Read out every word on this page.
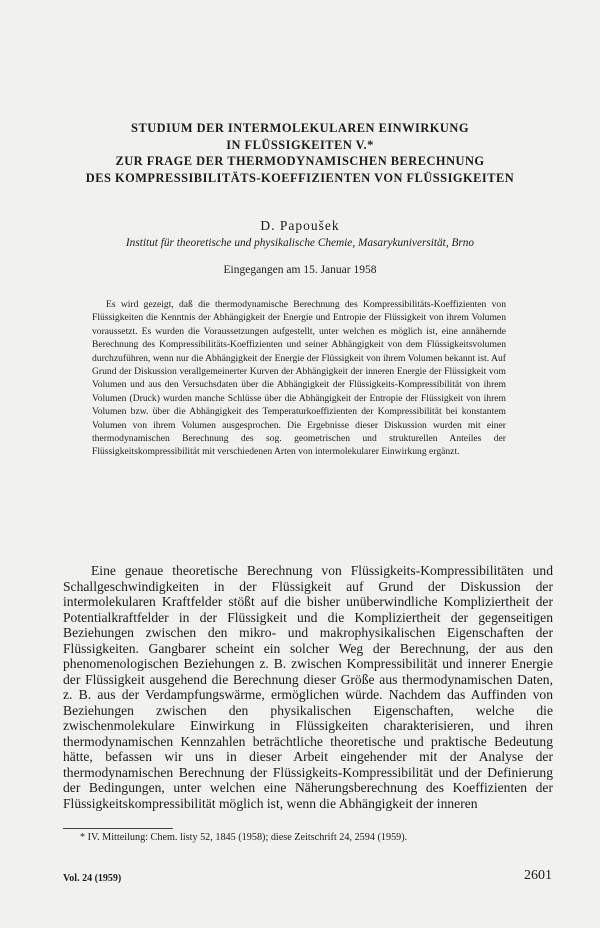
STUDIUM DER INTERMOLEKULAREN EINWIRKUNG
IN FLÜSSIGKEITEN V.*
ZUR FRAGE DER THERMODYNAMISCHEN BERECHNUNG
DES KOMPRESSIBILITÄTS-KOEFFIZIENTEN VON FLÜSSIGKEITEN
D. Papoušek
Institut für theoretische und physikalische Chemie, Masarykuniversität, Brno
Eingegangen am 15. Januar 1958

Es wird gezeigt, daß die thermodynamische Berechnung des Kompressibilitäts-Koeffizienten von Flüssigkeiten die Kenntnis der Abhängigkeit der Energie und Entropie der Flüssigkeit von ihrem Volumen voraussetzt. Es wurden die Voraussetzungen aufgestellt, unter welchen es möglich ist, eine annähernde Berechnung des Kompressibilitäts-Koeffizienten und seiner Abhängigkeit von dem Flüssigkeitsvolumen durchzuführen, wenn nur die Abhängigkeit der Energie der Flüssigkeit von ihrem Volumen bekannt ist. Auf Grund der Diskussion verallgemeinerter Kurven der Abhängigkeit der inneren Energie der Flüssigkeit vom Volumen und aus den Versuchsdaten über die Abhängigkeit der Flüssigkeits-Kompressibilität von ihrem Volumen (Druck) wurden manche Schlüsse über die Abhängigkeit der Entropie der Flüssigkeit von ihrem Volumen bzw. über die Abhängigkeit des Temperaturkoeffizienten der Kompressibilität bei konstantem Volumen von ihrem Volumen ausgesprochen. Die Ergebnisse dieser Diskussion wurden mit einer thermodynamischen Berechnung des sog. geometrischen und strukturellen Anteiles der Flüssigkeitskompressibilität mit verschiedenen Arten von intermolekularer Einwirkung ergänzt.

Eine genaue theoretische Berechnung von Flüssigkeits-Kompressibilitäten und Schallgeschwindigkeiten in der Flüssigkeit auf Grund der Diskussion der intermolekularen Kraftfelder stößt auf die bisher unüberwindliche Kompliziertheit der Potentialkraftfelder in der Flüssigkeit und die Kompliziertheit der gegenseitigen Beziehungen zwischen den mikro- und makrophysikalischen Eigenschaften der Flüssigkeiten. Gangbarer scheint ein solcher Weg der Berechnung, der aus den phenomenologischen Beziehungen z. B. zwischen Kompressibilität und innerer Energie der Flüssigkeit ausgehend die Berechnung dieser Größe aus thermodynamischen Daten, z. B. aus der Verdampfungswärme, ermöglichen würde. Nachdem das Auffinden von Beziehungen zwischen den physikalischen Eigenschaften, welche die zwischenmolekulare Einwirkung in Flüssigkeiten charakterisieren, und ihren thermodynamischen Kennzahlen beträchtliche theoretische und praktische Bedeutung hätte, befassen wir uns in dieser Arbeit eingehender mit der Analyse der thermodynamischen Berechnung der Flüssigkeits-Kompressibilität und der Definierung der Bedingungen, unter welchen eine Näherungsberechnung des Koeffizienten der Flüssigkeitskompressibilität möglich ist, wenn die Abhängigkeit der inneren

* IV. Mitteilung: Chem. listy 52, 1845 (1958); diese Zeitschrift 24, 2594 (1959).
Vol. 24 (1959)	2601
